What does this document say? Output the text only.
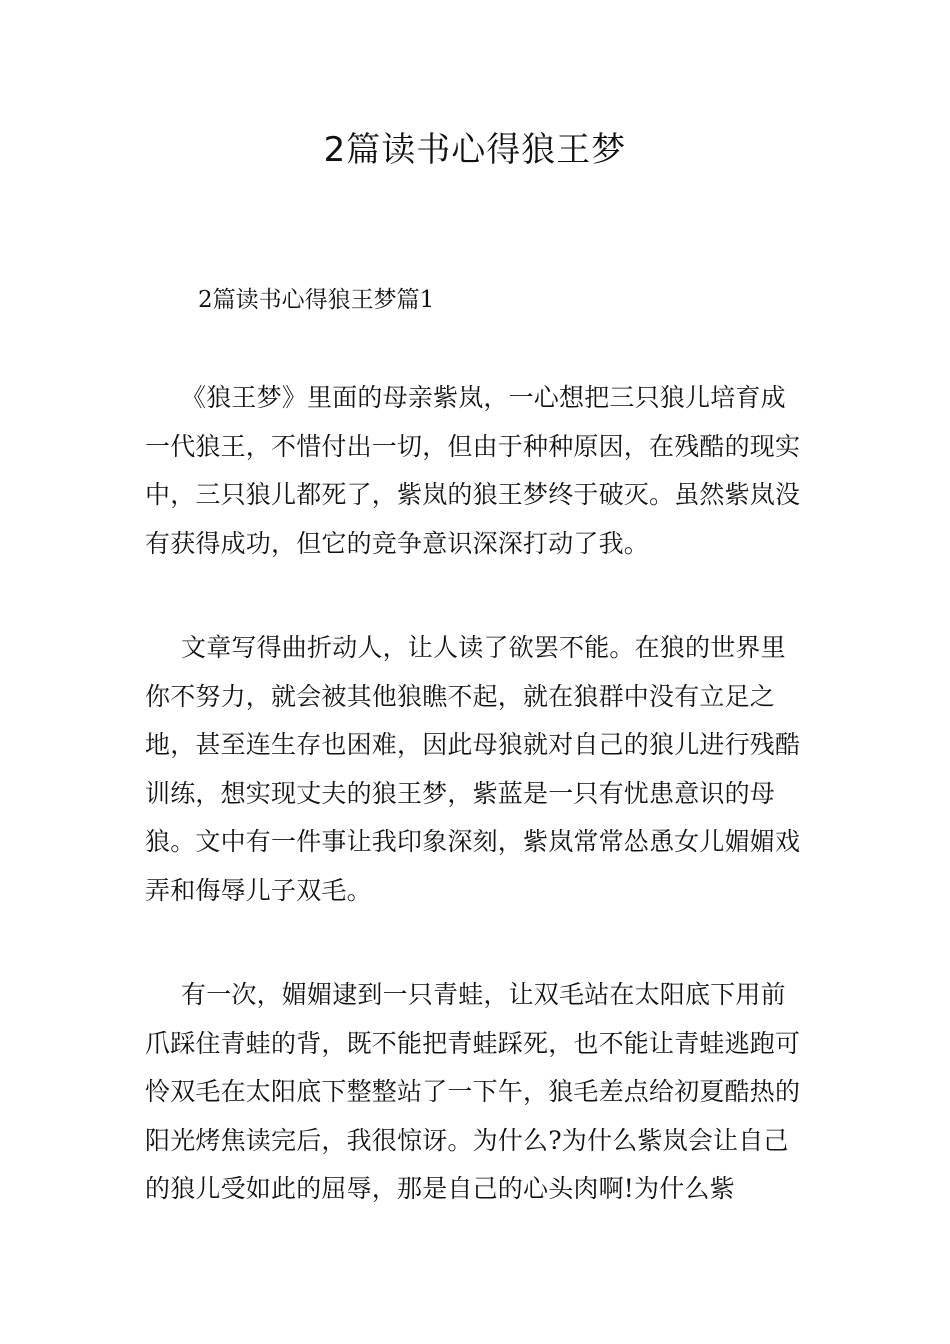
2篇读书心得狼王梦
2篇读书心得狼王梦篇1

《狼王梦》里面的母亲紫岚，一心想把三只狼儿培育成一代狼王，不惜付出一切，但由于种种原因，在残酷的现实中，三只狼儿都死了，紫岚的狼王梦终于破灭。虽然紫岚没有获得成功，但它的竞争意识深深打动了我。

文章写得曲折动人，让人读了欲罢不能。在狼的世界里你不努力，就会被其他狼瞧不起，就在狼群中没有立足之地，甚至连生存也困难，因此母狼就对自己的狼儿进行残酷训练，想实现丈夫的狼王梦，紫蓝是一只有忧患意识的母狼。文中有一件事让我印象深刻，紫岚常常怂恿女儿媚媚戏弄和侮辱儿子双毛。

有一次，媚媚逮到一只青蛙，让双毛站在太阳底下用前爪踩住青蛙的背，既不能把青蛙踩死，也不能让青蛙逃跑可怜双毛在太阳底下整整站了一下午，狼毛差点给初夏酷热的阳光烤焦读完后，我很惊讶。为什么?为什么紫岚会让自己的狼儿受如此的屈辱，那是自己的心头肉啊!为什么紫
